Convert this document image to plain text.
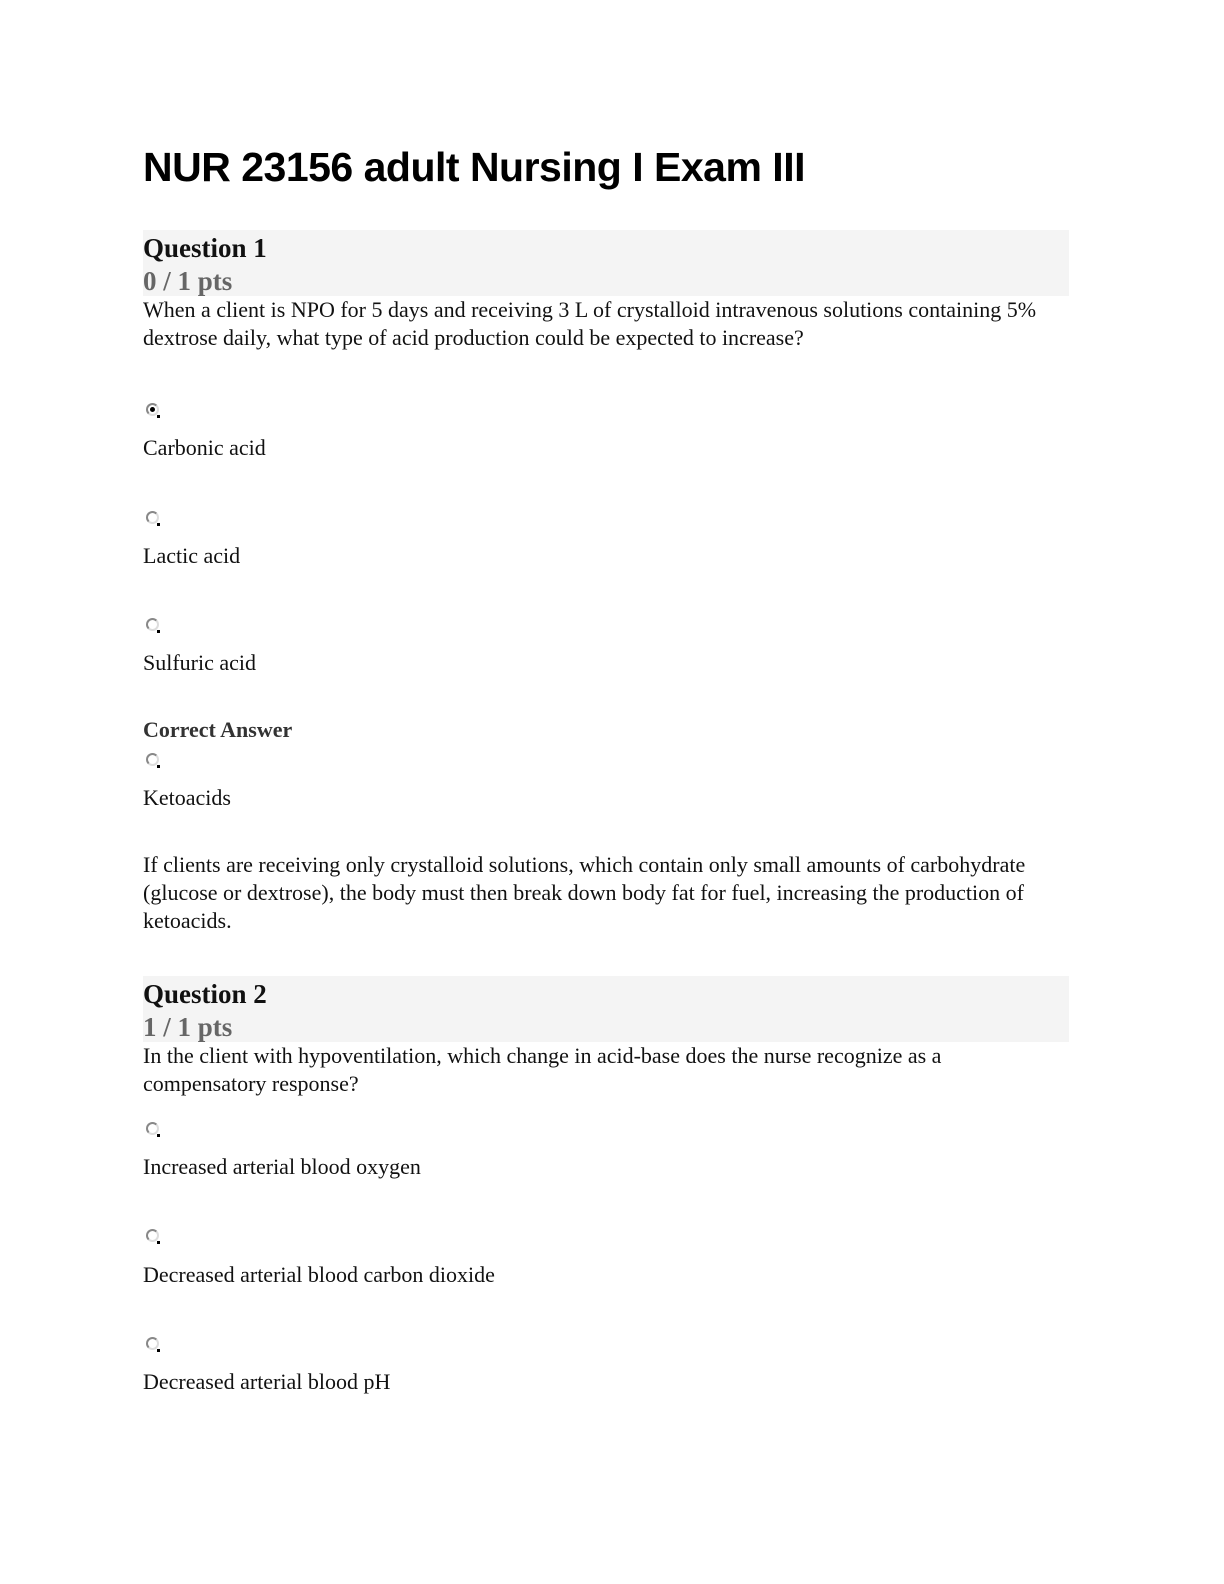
NUR 23156 adult Nursing I Exam III
Question 1
0 / 1 pts

When a client is NPO for 5 days and receiving 3 L of crystalloid intravenous solutions containing 5% dextrose daily, what type of acid production could be expected to increase?

Carbonic acid
Lactic acid
Sulfuric acid
Correct Answer
Ketoacids

If clients are receiving only crystalloid solutions, which contain only small amounts of carbohydrate (glucose or dextrose), the body must then break down body fat for fuel, increasing the production of ketoacids.

Question 2
1 / 1 pts

In the client with hypoventilation, which change in acid-base does the nurse recognize as a compensatory response?

Increased arterial blood oxygen
Decreased arterial blood carbon dioxide
Decreased arterial blood pH
